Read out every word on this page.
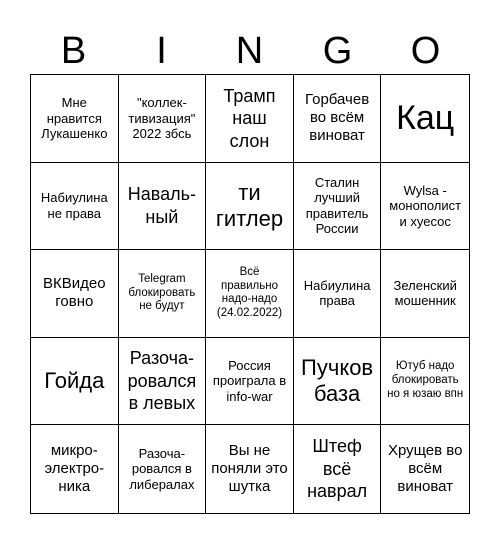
B	I	N	G	O
Мне нравится Лукашенко
"коллек-тивизация" 2022 збсь
Трамп наш слон
Горбачев во всём виноват Кац
Набиулина не права
Наваль-ный
ти гитлер
Сталин лучший правитель России
Wylsa - монополист и хуесос
ВКВидео говно
Telegram блокировать не будут
Всё правильно надо-надо (24.02.2022)
Набиулина права
Зеленский мошенник
Гойда
Разоча-ровался в левых
Россия проиграла в info-war
Пучков база
Ютуб надо блокировать но я юзаю впн
микро-электро-ника
Разоча-ровался в либералах
Вы не поняли это шутка
Штеф всё наврал
Хрущев во всём виноват
